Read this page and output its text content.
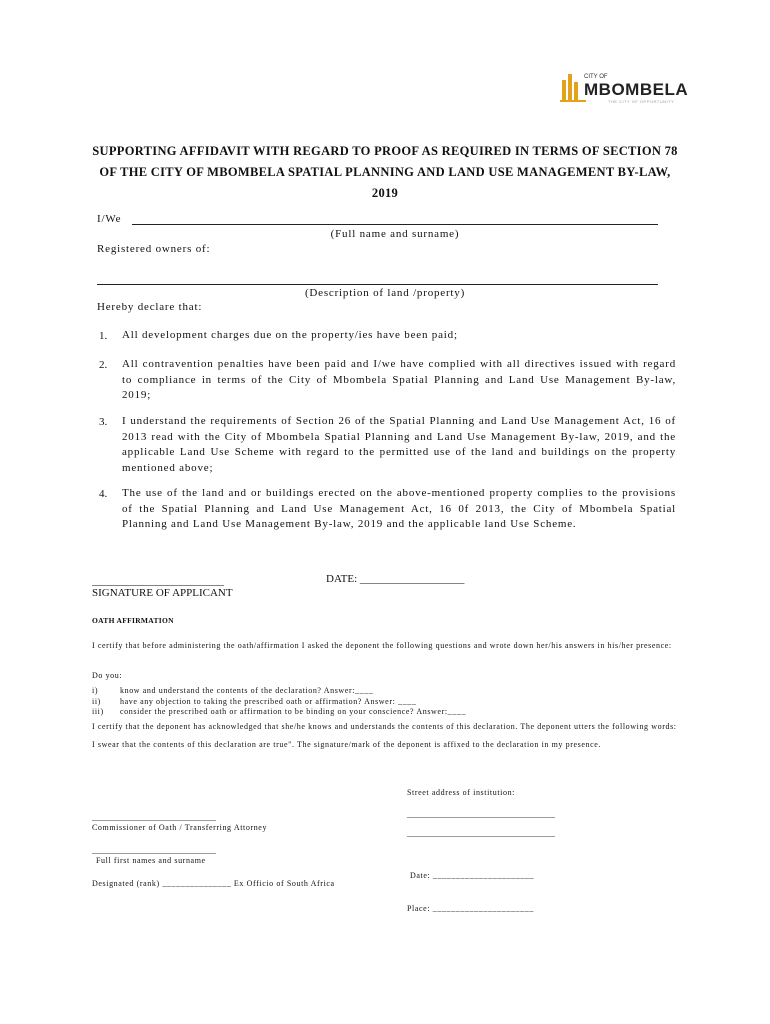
CITY OF
MBOMBELA
THE CITY OF OPPORTUNITY
SUPPORTING AFFIDAVIT WITH REGARD TO PROOF AS REQUIRED IN TERMS OF SECTION 78 OF THE CITY OF MBOMBELA SPATIAL PLANNING AND LAND USE MANAGEMENT BY-LAW, 2019
I/We
(Full name and surname)
Registered owners of:
(Description of land /property)
Hereby declare that:
1. All development charges due on the property/ies have been paid;
2. All contravention penalties have been paid and I/we have complied with all directives issued with regard to compliance in terms of the City of Mbombela Spatial Planning and Land Use Management By-law, 2019;
3. I understand the requirements of Section 26 of the Spatial Planning and Land Use Management Act, 16 of 2013 read with the City of Mbombela Spatial Planning and Land Use Management By-law, 2019, and the applicable Land Use Scheme with regard to the permitted use of the land and buildings on the property mentioned above;
4. The use of the land and or buildings erected on the above-mentioned property complies to the provisions of the Spatial Planning and Land Use Management Act, 16 0f 2013, the City of Mbombela Spatial Planning and Land Use Management By-law, 2019 and the applicable land Use Scheme.
________________________
SIGNATURE OF APPLICANT
DATE: ___________________
OATH AFFIRMATION
I certify that before administering the oath/affirmation I asked the deponent the following questions and wrote down her/his answers in his/her presence:
Do you:
i)	know and understand the contents of the declaration? Answer:____
ii) have any objection to taking the prescribed oath or affirmation? Answer: ____
iii) consider the prescribed oath or affirmation to be binding on your conscience? Answer:____
I certify that the deponent has acknowledged that she/he knows and understands the contents of this declaration. The deponent utters the following words: I swear that the contents of this declaration are true". The signature/mark of the deponent is affixed to the declaration in my presence.
Street address of institution:
_____________________________________
_____________________________________
_______________________________
Commissioner of Oath / Transferring Attorney
_______________________________
Full first names and surname
Date: ______________________
Designated (rank) _______________ Ex Officio of South Africa
Place: ______________________
